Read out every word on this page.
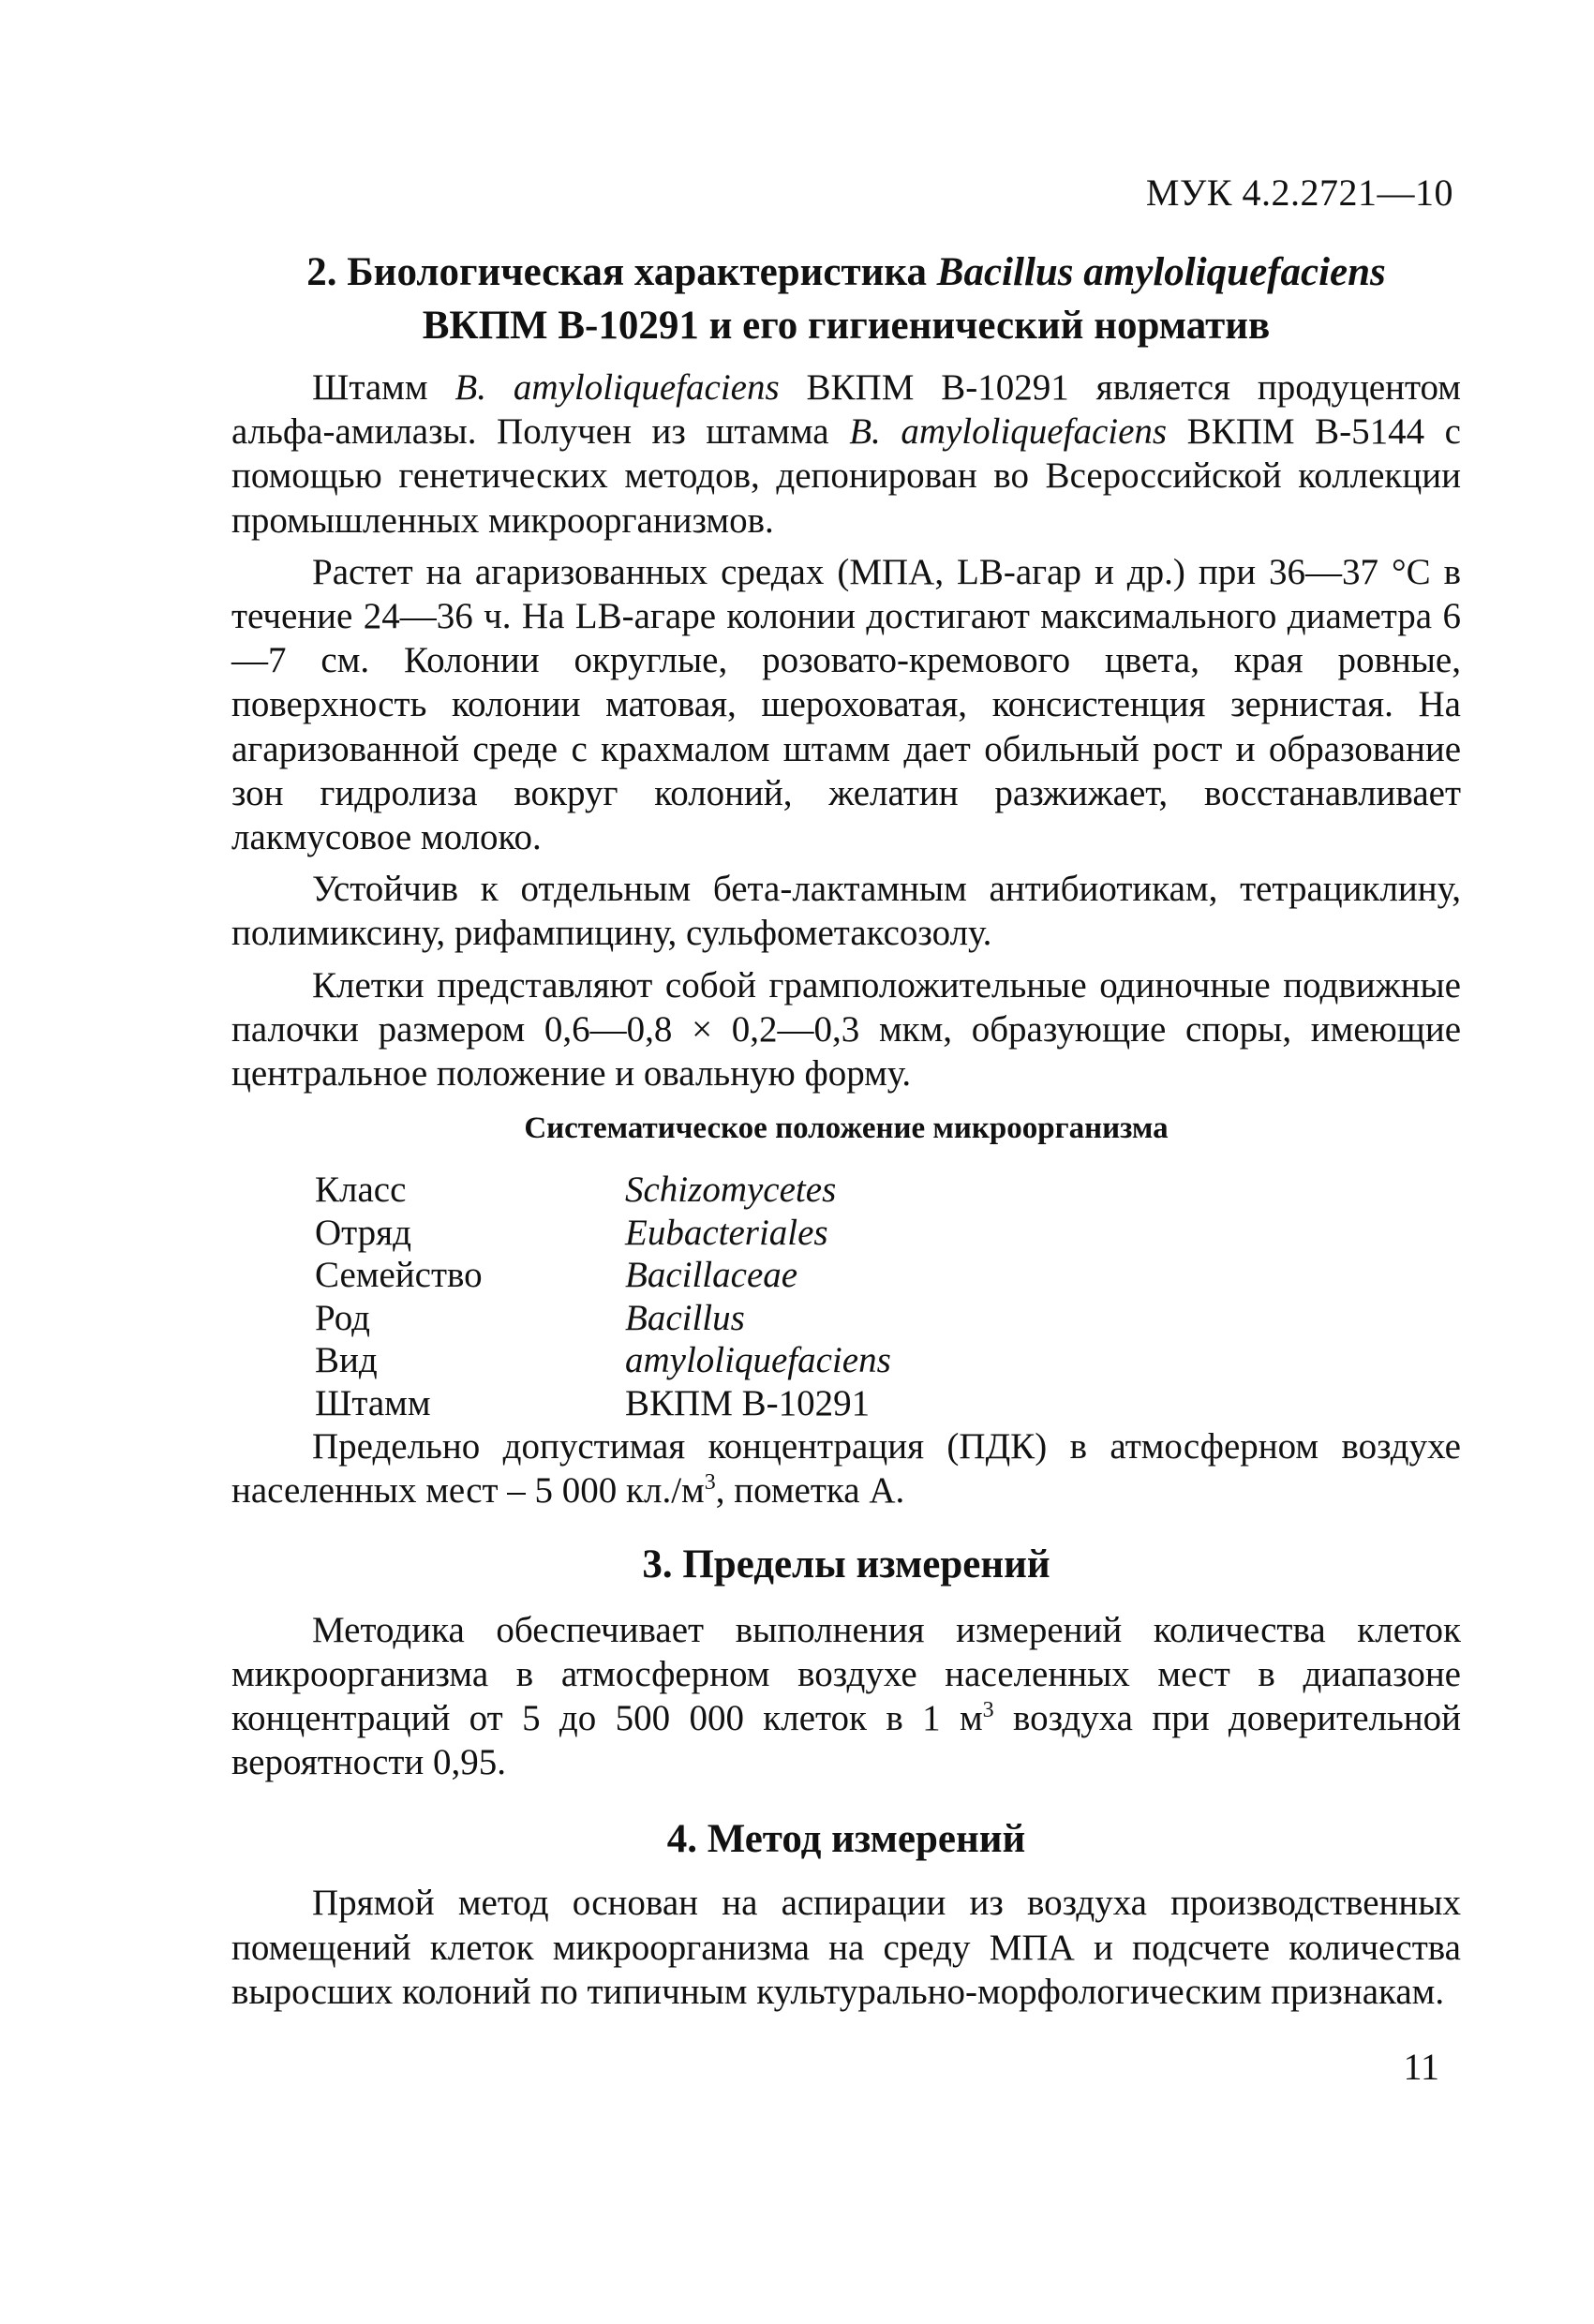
МУК 4.2.2721—10
2. Биологическая характеристика Bacillus amyloliquefaciens
ВКПМ В-10291 и его гигиенический норматив

Штамм B. amyloliquefaciens ВКПМ В-10291 является продуцентом альфа-амилазы. Получен из штамма B. amyloliquefaciens ВКПМ В-5144 с помощью генетических методов, депонирован во Всероссийской коллекции промышленных микроорганизмов.

Растет на агаризованных средах (МПА, LB-агар и др.) при 36—37 °С в течение 24—36 ч. На LB-агаре колонии достигают максимального диаметра 6—7 см. Колонии округлые, розовато-кремового цвета, края ровные, поверхность колонии матовая, шероховатая, консистенция зернистая. На агаризованной среде с крахмалом штамм дает обильный рост и образование зон гидролиза вокруг колоний, желатин разжижает, восстанавливает лакмусовое молоко.

Устойчив к отдельным бета-лактамным антибиотикам, тетрациклину, полимиксину, рифампицину, сульфометаксозолу.

Клетки представляют собой грамположительные одиночные подвижные палочки размером 0,6—0,8 × 0,2—0,3 мкм, образующие споры, имеющие центральное положение и овальную форму.

Систематическое положение микроорганизма
Класс	Schizomycetes
Отряд	Eubacteriales
Семейство	Bacillaceae
Род	Bacillus
Вид	amyloliquefaciens
Штамм	ВКПМ В-10291

Предельно допустимая концентрация (ПДК) в атмосферном воздухе населенных мест – 5 000 $кл./м^3$, пометка А.

3. Пределы измерений

Методика обеспечивает выполнения измерений количества клеток микроорганизма в атмосферном воздухе населенных мест в диапазоне концентраций от 5 до 500 000 клеток в 1 $м^3$ воздуха при доверительной вероятности 0,95.

4. Метод измерений

Прямой метод основан на аспирации из воздуха производственных помещений клеток микроорганизма на среду МПА и подсчете количества выросших колоний по типичным культурально-морфологическим признакам.

11
